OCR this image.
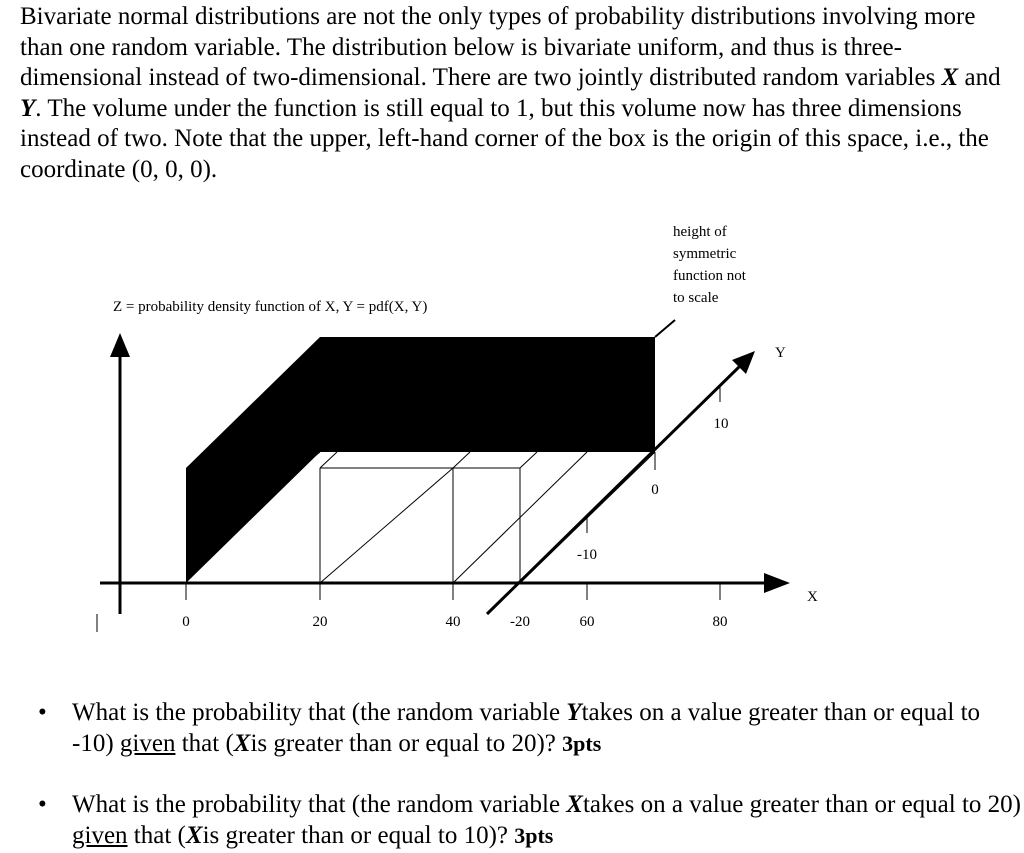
Bivariate normal distributions are not the only types of probability distributions involving more than one random variable. The distribution below is bivariate uniform, and thus is three-dimensional instead of two-dimensional. There are two jointly distributed random variables X and Y. The volume under the function is still equal to 1, but this volume now has three dimensions instead of two. Note that the upper, left-hand corner of the box is the origin of this space, i.e., the coordinate (0, 0, 0).

Z = probability density function of X, Y = pdf(X, Y)
height of
symmetric
function not
to scale
Y
X
0	20	40	60	80
-20
-10
0
10
• What is the probability that (the random variable Ytakes on a value greater than or equal to -10) given that (Xis greater than or equal to 20)? 3pts
• What is the probability that (the random variable Xtakes on a value greater than or equal to 20) given that (Xis greater than or equal to 10)? 3pts
